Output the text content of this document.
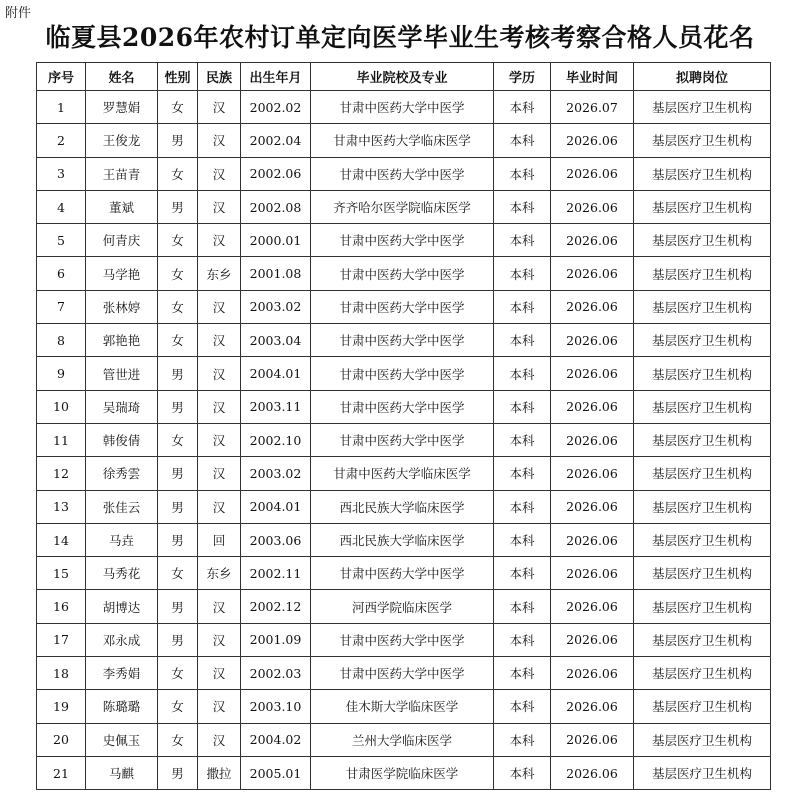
附件
临夏县2026年农村订单定向医学毕业生考核考察合格人员花名
序号	姓名	性别	民族	出生年月	毕业院校及专业	学历	毕业时间	拟聘岗位
1	罗慧娟	女	汉	2002.02	甘肃中医药大学中医学	本科	2026.07	基层医疗卫生机构
2	王俊龙	男	汉	2002.04	甘肃中医药大学临床医学	本科	2026.06	基层医疗卫生机构
3	王苗青	女	汉	2002.06	甘肃中医药大学中医学	本科	2026.06	基层医疗卫生机构
4	董斌	男	汉	2002.08	齐齐哈尔医学院临床医学	本科	2026.06	基层医疗卫生机构
5	何青庆	女	汉	2000.01	甘肃中医药大学中医学	本科	2026.06	基层医疗卫生机构
6	马学艳	女	东乡	2001.08	甘肃中医药大学中医学	本科	2026.06	基层医疗卫生机构
7	张林婷	女	汉	2003.02	甘肃中医药大学中医学	本科	2026.06	基层医疗卫生机构
8	郭艳艳	女	汉	2003.04	甘肃中医药大学中医学	本科	2026.06	基层医疗卫生机构
9	管世进	男	汉	2004.01	甘肃中医药大学中医学	本科	2026.06	基层医疗卫生机构
10	吴瑞琦	男	汉	2003.11	甘肃中医药大学中医学	本科	2026.06	基层医疗卫生机构
11	韩俊倩	女	汉	2002.10	甘肃中医药大学中医学	本科	2026.06	基层医疗卫生机构
12	徐秀雲	男	汉	2003.02	甘肃中医药大学临床医学	本科	2026.06	基层医疗卫生机构
13	张佳云	男	汉	2004.01	西北民族大学临床医学	本科	2026.06	基层医疗卫生机构
14	马垚	男	回	2003.06	西北民族大学临床医学	本科	2026.06	基层医疗卫生机构
15	马秀花	女	东乡	2002.11	甘肃中医药大学中医学	本科	2026.06	基层医疗卫生机构
16	胡博达	男	汉	2002.12	河西学院临床医学	本科	2026.06	基层医疗卫生机构
17	邓永成	男	汉	2001.09	甘肃中医药大学中医学	本科	2026.06	基层医疗卫生机构
18	李秀娟	女	汉	2002.03	甘肃中医药大学中医学	本科	2026.06	基层医疗卫生机构
19	陈璐璐	女	汉	2003.10	佳木斯大学临床医学	本科	2026.06	基层医疗卫生机构
20	史佩玉	女	汉	2004.02	兰州大学临床医学	本科	2026.06	基层医疗卫生机构
21	马麒	男	撒拉	2005.01	甘肃医学院临床医学	本科	2026.06	基层医疗卫生机构
